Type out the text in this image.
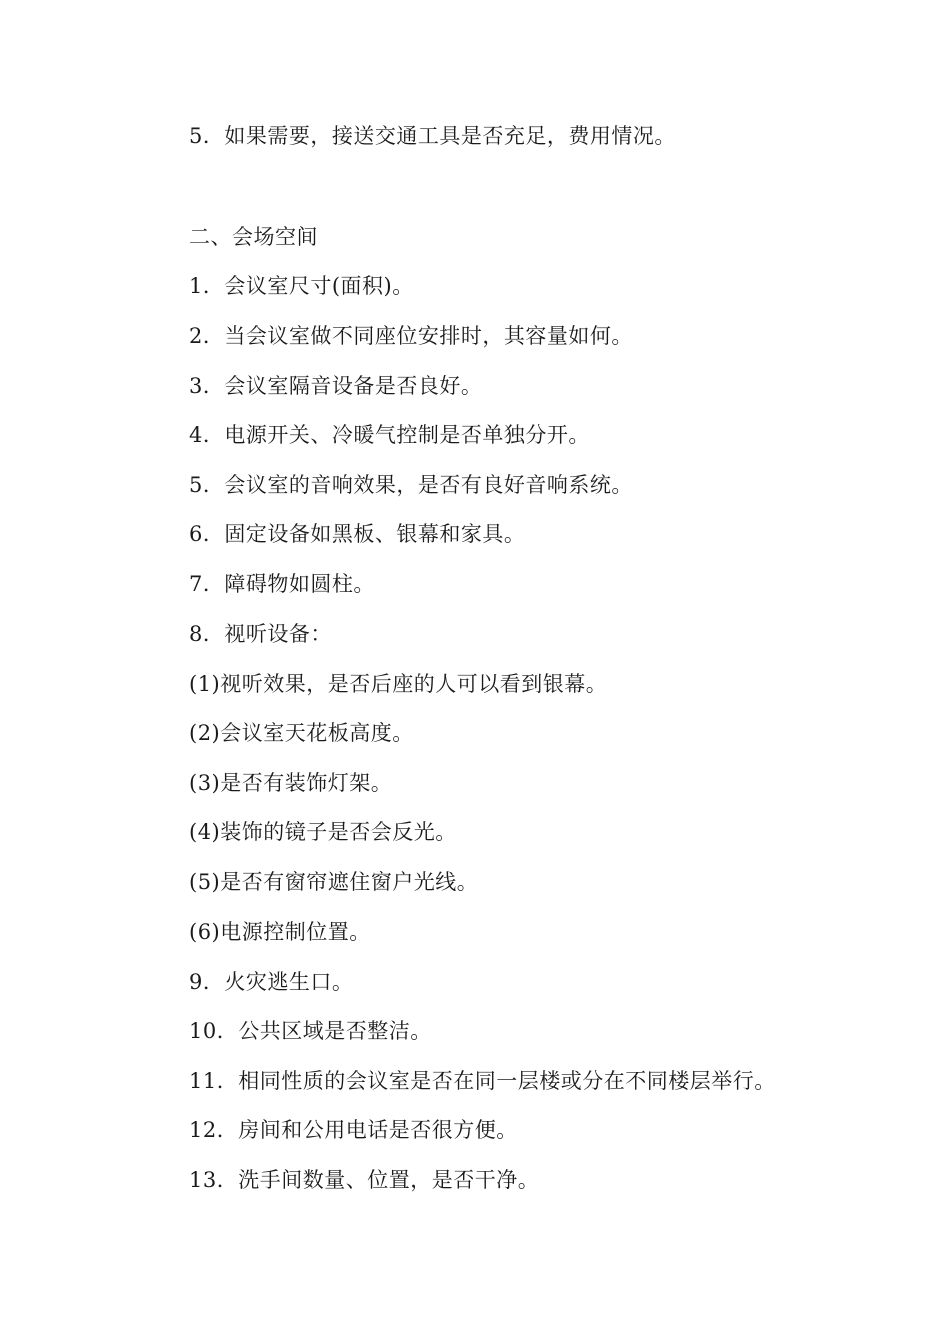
5．如果需要，接送交通工具是否充足，费用情况。
二、会场空间
1．会议室尺寸(面积)。
2．当会议室做不同座位安排时，其容量如何。
3．会议室隔音设备是否良好。
4．电源开关、冷暖气控制是否单独分开。
5．会议室的音响效果，是否有良好音响系统。
6．固定设备如黑板、银幕和家具。
7．障碍物如圆柱。
8．视听设备：
(1)视听效果，是否后座的人可以看到银幕。
(2)会议室天花板高度。
(3)是否有装饰灯架。
(4)装饰的镜子是否会反光。
(5)是否有窗帘遮住窗户光线。
(6)电源控制位置。
9．火灾逃生口。
10．公共区域是否整洁。
11．相同性质的会议室是否在同一层楼或分在不同楼层举行。
12．房间和公用电话是否很方便。
13．洗手间数量、位置，是否干净。
